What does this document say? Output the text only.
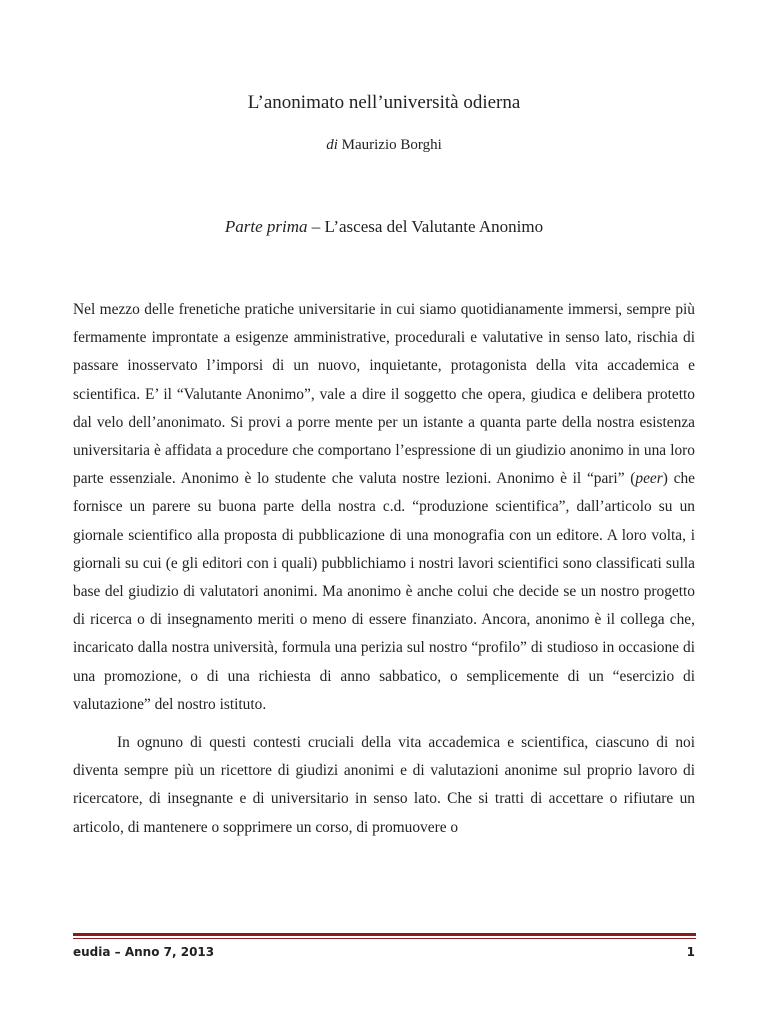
L’anonimato nell’università odierna
di Maurizio Borghi
Parte prima – L’ascesa del Valutante Anonimo

Nel mezzo delle frenetiche pratiche universitarie in cui siamo quotidianamente immersi, sempre più fermamente improntate a esigenze amministrative, procedurali e valutative in senso lato, rischia di passare inosservato l’imporsi di un nuovo, inquietante, protagonista della vita accademica e scientifica. E’ il “Valutante Anonimo”, vale a dire il soggetto che opera, giudica e delibera protetto dal velo dell’anonimato. Si provi a porre mente per un istante a quanta parte della nostra esistenza universitaria è affidata a procedure che comportano l’espressione di un giudizio anonimo in una loro parte essenziale. Anonimo è lo studente che valuta nostre lezioni. Anonimo è il “pari” (peer) che fornisce un parere su buona parte della nostra c.d. “produzione scientifica”, dall’articolo su un giornale scientifico alla proposta di pubblicazione di una monografia con un editore. A loro volta, i giornali su cui (e gli editori con i quali) pubblichiamo i nostri lavori scientifici sono classificati sulla base del giudizio di valutatori anonimi. Ma anonimo è anche colui che decide se un nostro progetto di ricerca o di insegnamento meriti o meno di essere finanziato. Ancora, anonimo è il collega che, incaricato dalla nostra università, formula una perizia sul nostro “profilo” di studioso in occasione di una promozione, o di una richiesta di anno sabbatico, o semplicemente di un “esercizio di valutazione” del nostro istituto.

In ognuno di questi contesti cruciali della vita accademica e scientifica, ciascuno di noi diventa sempre più un ricettore di giudizi anonimi e di valutazioni anonime sul proprio lavoro di ricercatore, di insegnante e di universitario in senso lato. Che si tratti di accettare o rifiutare un articolo, di mantenere o sopprimere un corso, di promuovere o

eudia – Anno 7, 2013	1
